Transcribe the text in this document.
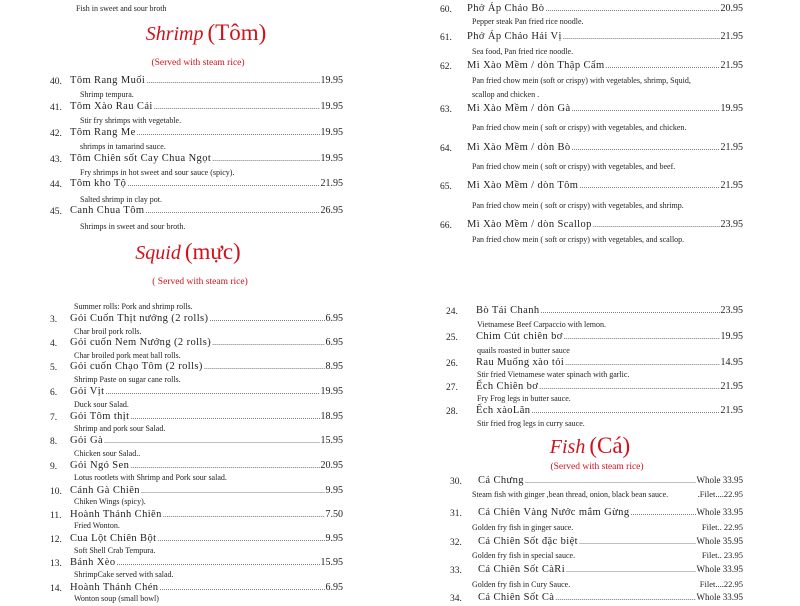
Fish in sweet and sour broth
Shrimp (Tôm)
(Served with steam rice)
Squid (mực)
( Served with steam rice)
Summer rolls: Pork and shrimp rolls.
Fish (Cá)
(Served with steam rice)
Tôm Rang Muối .....	19.95
40.
Shrimp tempura.
Tôm Xào Rau Cải .....	19.95
41.
Stir fry shrimps with vegetable.
Tôm Rang Me .....	19.95
42.
shrimps in tamarind sauce.
Tôm Chiên sốt Cay Chua Ngọt .....	19.95
43.
Fry shrimps in hot sweet and sour sauce (spicy).
Tôm kho Tộ .....	21.95
44.
Salted shrimp in clay pot.
Canh Chua Tôm .....	26.95
45.
Shrimps in sweet and sour broth.
Gỏi Cuốn Thịt nướng (2 rolls) .....	6.95
3.
Char broil pork rolls.
Gỏi cuốn Nem Nướng (2 rolls) .....	6.95
4.
Char broiled pork meat ball rolls.
Gỏi cuốn Chạo Tôm (2 rolls) .....	8.95
5.
Shrimp Paste on sugar cane rolls.
Gỏi Vịt .....	19.95
6.
Duck sour Salad.
Gỏi Tôm thịt .....	18.95
7.
Shrimp and pork sour Salad.
Gỏi Gà .....	15.95
8.
Chicken sour Salad..
Gỏi Ngó Sen .....	20.95
9.
Lotus rootlets with Shrimp and Pork sour salad.
Cánh Gà Chiên .....	9.95
10.
Chiken Wings (spicy).
Hoành Thánh Chiên .....	7.50
11.
Fried Wonton.
Cua Lột Chiên Bột .....	9.95
12.
Soft Shell Crab Tempura.
Bánh Xèo .....	15.95
13.
ShrimpCake served with salad.
Hoành Thánh Chén .....	6.95
14.
Wonton soup (small bowl)
Phở Áp Chảo Bò .....	20.95
60.
Pepper steak Pan fried rice noodle.
Phở Áp Chảo Hải Vị .....	21.95
61.
Sea food, Pan fried rice noodle.
Mì Xào Mềm / dòn Thập Cẩm .....	21.95
62.
Pan fried chow mein (soft or crispy) with vegetables, shrimp, Squid,
scallop and chicken .
Mì Xào Mềm / dòn Gà .....	19.95
63.
Pan fried chow mein ( soft or crispy) with vegetables, and chicken.
Mì Xào Mềm / dòn Bò .....	21.95
64.
Pan fried chow mein ( soft or crispy) with vegetables, and beef.
Mì Xào Mềm / dòn Tôm .....	21.95
65.
Pan fried chow mein ( soft or crispy) with vegetables, and shrimp.
Mì Xào Mềm / dòn Scallop .....	23.95
66.
Pan fried chow mein ( soft or crispy) with vegetables, and scallop.
Bò Tái Chanh .....	23.95
24.
Vietnamese Beef Carpaccio with lemon.
Chim Cút chiên bơ .....	19.95
25.
quails roasted in butter sauce
Rau Muống xào tỏi .....	14.95
26.
Stir fried Vietnamese water spinach with garlic.
Ếch Chiên bơ .....	21.95
27.
Fry Frog legs in butter sauce.
Ếch xàoLăn .....	21.95
28.
Stir fried frog legs in curry sauce.
Cá Chưng .....	Whole 33.95
30.
Steam fish with ginger ,bean thread, onion, black bean sauce.	.Filet....22.95
Cá Chiên Vàng Nước mắm Gừng .....	Whole 33.95
31.
Golden fry fish in ginger sauce.	Filet.. 22.95
Cá Chiên Sốt đặc biệt .....	Whole 35.95
32.
Golden fry fish in special sauce.	Filet.. 23.95
Cá Chiên Sốt CàRi .....	Whole 33.95
33.
Golden fry fish in Cury Sauce.	Filet....22.95
Cá Chiên Sốt Cà .....	Whole 33.95
34.
